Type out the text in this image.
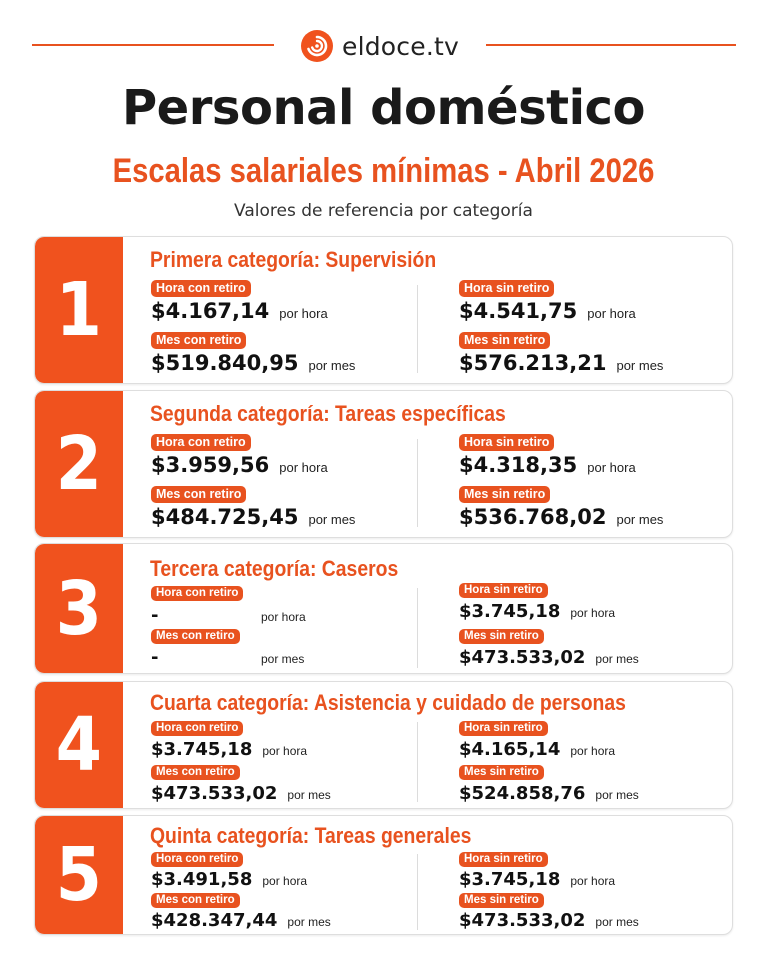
eldoce.tv
Personal doméstico
Escalas salariales mínimas - Abril 2026
Valores de referencia por categoría
1
Primera categoría: Supervisión
Hora con retiro
$4.167,14 por hora
Mes con retiro
$519.840,95 por mes
Hora sin retiro
$4.541,75 por hora
Mes sin retiro
$576.213,21 por mes
2
Segunda categoría: Tareas específicas
Hora con retiro
$3.959,56 por hora
Mes con retiro
$484.725,45 por mes
Hora sin retiro
$4.318,35 por hora
Mes sin retiro
$536.768,02 por mes
3 Tercera categoría: Caseros
Hora con retiro
-	por hora
Mes con retiro
-	por mes
Hora sin retiro
$3.745,18 por hora
Mes sin retiro
$473.533,02 por mes
4 Cuarta categoría: Asistencia y cuidado de personas
Hora con retiro
$3.745,18 por hora
Mes con retiro
$473.533,02 por mes
Hora sin retiro
$4.165,14 por hora
Mes sin retiro
$524.858,76 por mes
5 Quinta categoría: Tareas generales
Hora con retiro
$3.491,58 por hora
Mes con retiro
$428.347,44 por mes
Hora sin retiro
$3.745,18 por hora
Mes sin retiro
$473.533,02 por mes
